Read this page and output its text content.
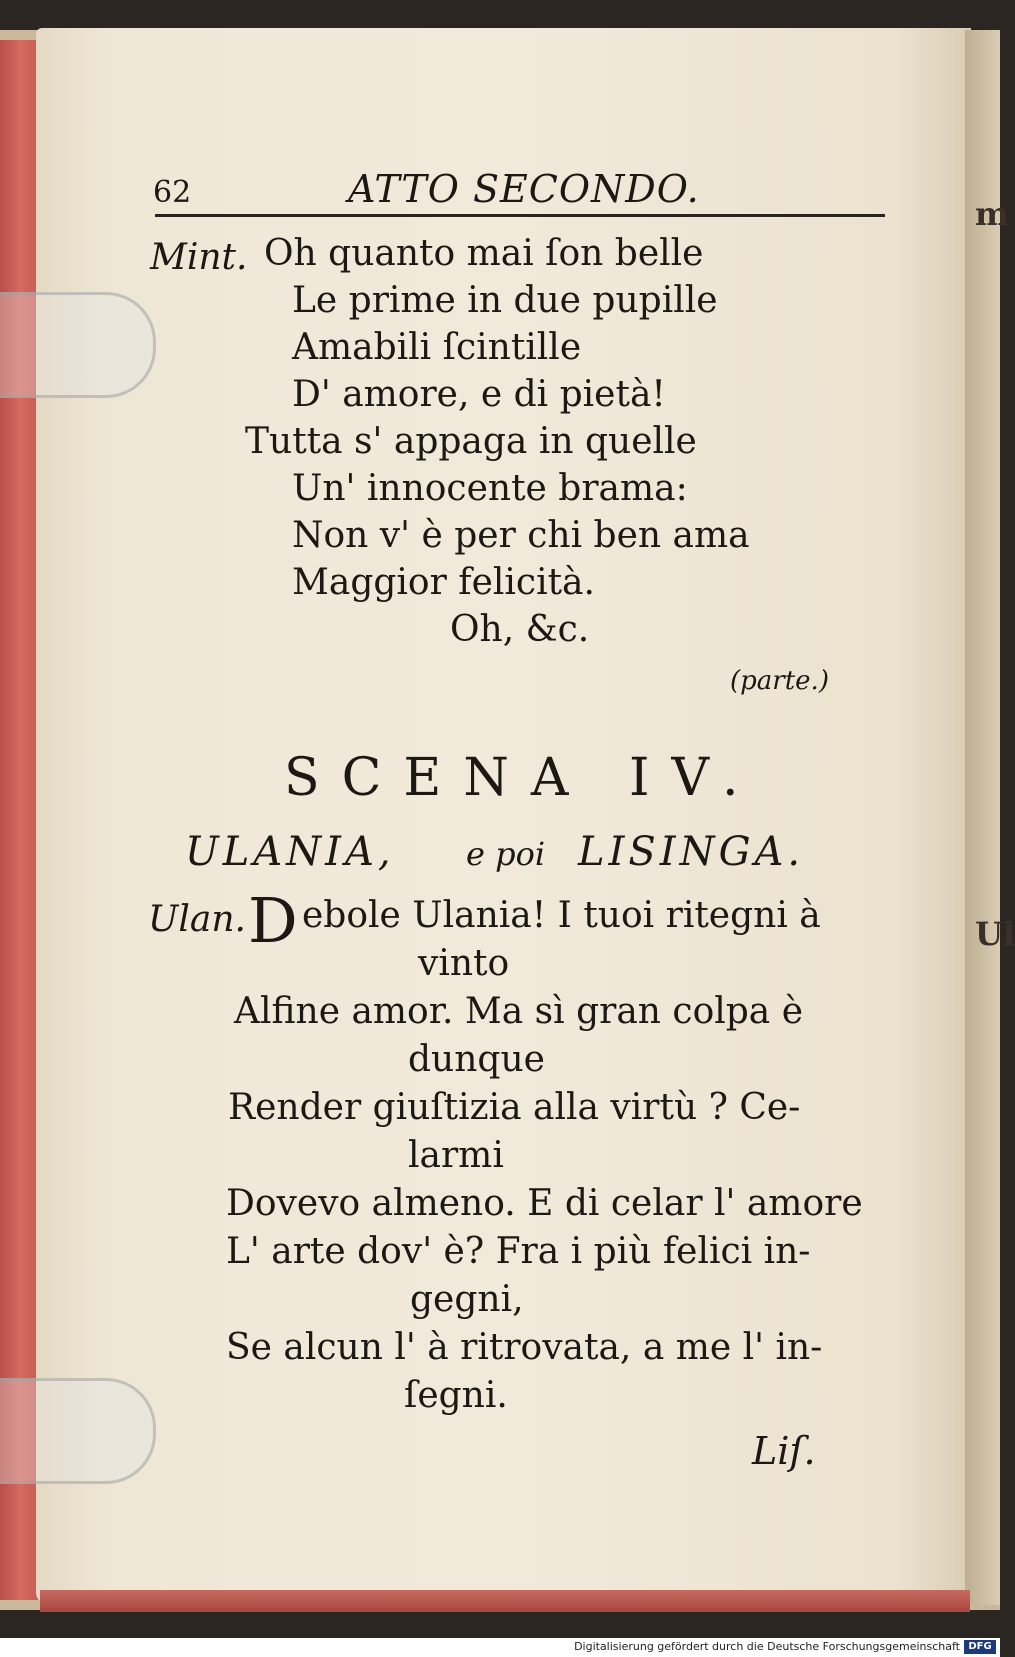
m
Ul
62	ATTO SECONDO.
Mint. Oh quanto mai ſon belle
Le prime in due pupille
Amabili ſcintille
D' amore, e di pietà!
Tutta s' appaga in quelle
Un' innocente brama:
Non v' è per chi ben ama
Maggior felicità.
Oh, &c.
(parte.)
SCENA IV.
ULANIA, e poi LISINGA.
Ulan. D ebole Ulania! I tuoi ritegni à
vinto
Alfine amor. Ma sì gran colpa è
dunque
Render giuſtizia alla virtù ? Ce-
larmi
Dovevo almeno. E di celar l' amore
L' arte dov' è? Fra i più felici in-
gegni,
Se alcun l' à ritrovata, a me l' in-
ſegni.
Liſ.
Digitalisierung gefördert durch die Deutsche Forschungsgemeinschaft DFG
